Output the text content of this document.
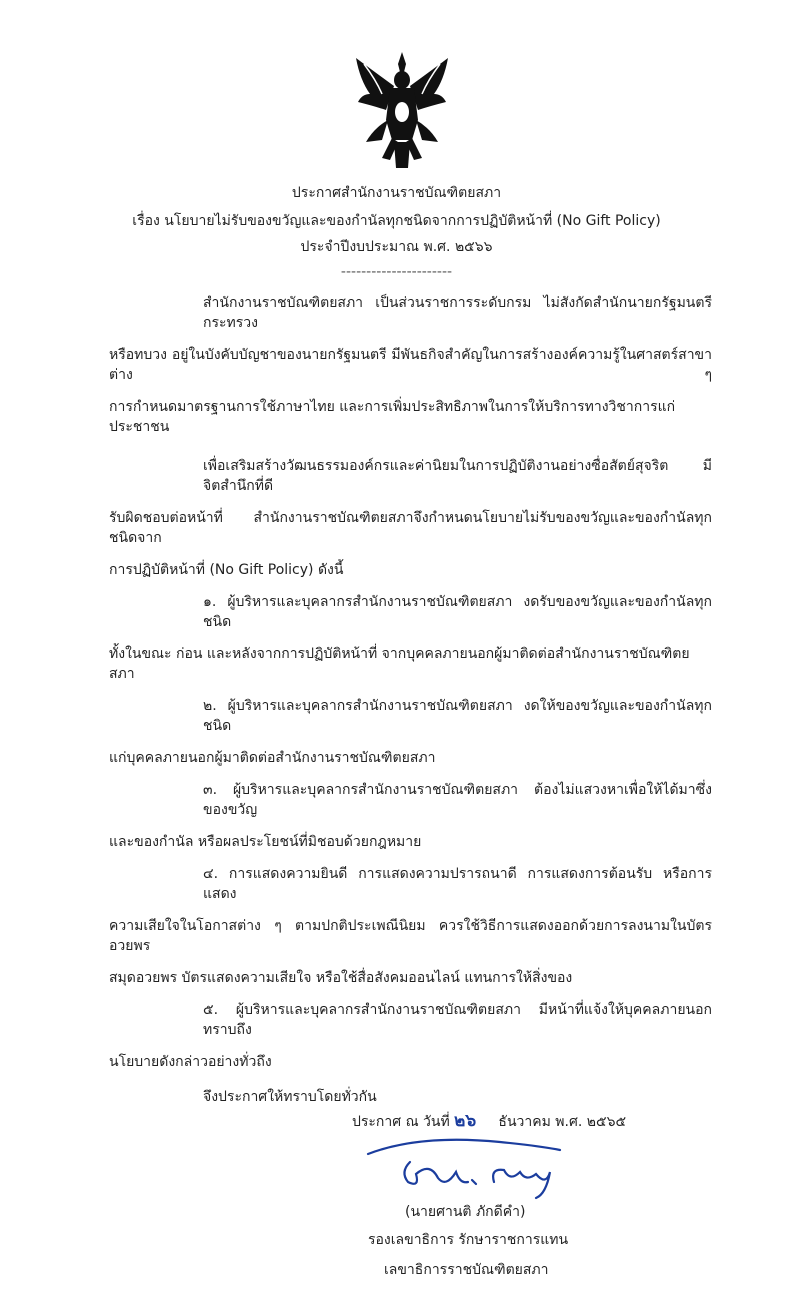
ประกาศสำนักงานราชบัณฑิตยสภา
เรื่อง นโยบายไม่รับของขวัญและของกำนัลทุกชนิดจากการปฏิบัติหน้าที่ (No Gift Policy)
ประจำปีงบประมาณ พ.ศ. ๒๕๖๖
----------------------
สำนักงานราชบัณฑิตยสภา เป็นส่วนราชการระดับกรม ไม่สังกัดสำนักนายกรัฐมนตรี กระทรวง
หรือทบวง อยู่ในบังคับบัญชาของนายกรัฐมนตรี มีพันธกิจสำคัญในการสร้างองค์ความรู้ในศาสตร์สาขาต่าง ๆ
การกำหนดมาตรฐานการใช้ภาษาไทย และการเพิ่มประสิทธิภาพในการให้บริการทางวิชาการแก่ประชาชน
เพื่อเสริมสร้างวัฒนธรรมองค์กรและค่านิยมในการปฏิบัติงานอย่างซื่อสัตย์สุจริต มีจิตสำนึกที่ดี
รับผิดชอบต่อหน้าที่ สำนักงานราชบัณฑิตยสภาจึงกำหนดนโยบายไม่รับของขวัญและของกำนัลทุกชนิดจาก
การปฏิบัติหน้าที่ (No Gift Policy) ดังนี้
๑. ผู้บริหารและบุคลากรสำนักงานราชบัณฑิตยสภา งดรับของขวัญและของกำนัลทุกชนิด
ทั้งในขณะ ก่อน และหลังจากการปฏิบัติหน้าที่ จากบุคคลภายนอกผู้มาติดต่อสำนักงานราชบัณฑิตยสภา
๒. ผู้บริหารและบุคลากรสำนักงานราชบัณฑิตยสภา งดให้ของขวัญและของกำนัลทุกชนิด
แก่บุคคลภายนอกผู้มาติดต่อสำนักงานราชบัณฑิตยสภา
๓. ผู้บริหารและบุคลากรสำนักงานราชบัณฑิตยสภา ต้องไม่แสวงหาเพื่อให้ได้มาซึ่งของขวัญ
และของกำนัล หรือผลประโยชน์ที่มิชอบด้วยกฎหมาย
๔. การแสดงความยินดี การแสดงความปรารถนาดี การแสดงการต้อนรับ หรือการแสดง
ความเสียใจในโอกาสต่าง ๆ ตามปกติประเพณีนิยม ควรใช้วิธีการแสดงออกด้วยการลงนามในบัตรอวยพร
สมุดอวยพร บัตรแสดงความเสียใจ หรือใช้สื่อสังคมออนไลน์ แทนการให้สิ่งของ
๕. ผู้บริหารและบุคลากรสำนักงานราชบัณฑิตยสภา มีหน้าที่แจ้งให้บุคคลภายนอกทราบถึง
นโยบายดังกล่าวอย่างทั่วถึง
จึงประกาศให้ทราบโดยทั่วกัน
ประกาศ ณ วันที่ ๒๖ ธันวาคม พ.ศ. ๒๕๖๕
(นายศานติ ภักดีคำ)
รองเลขาธิการ รักษาราชการแทน
เลขาธิการราชบัณฑิตยสภา
